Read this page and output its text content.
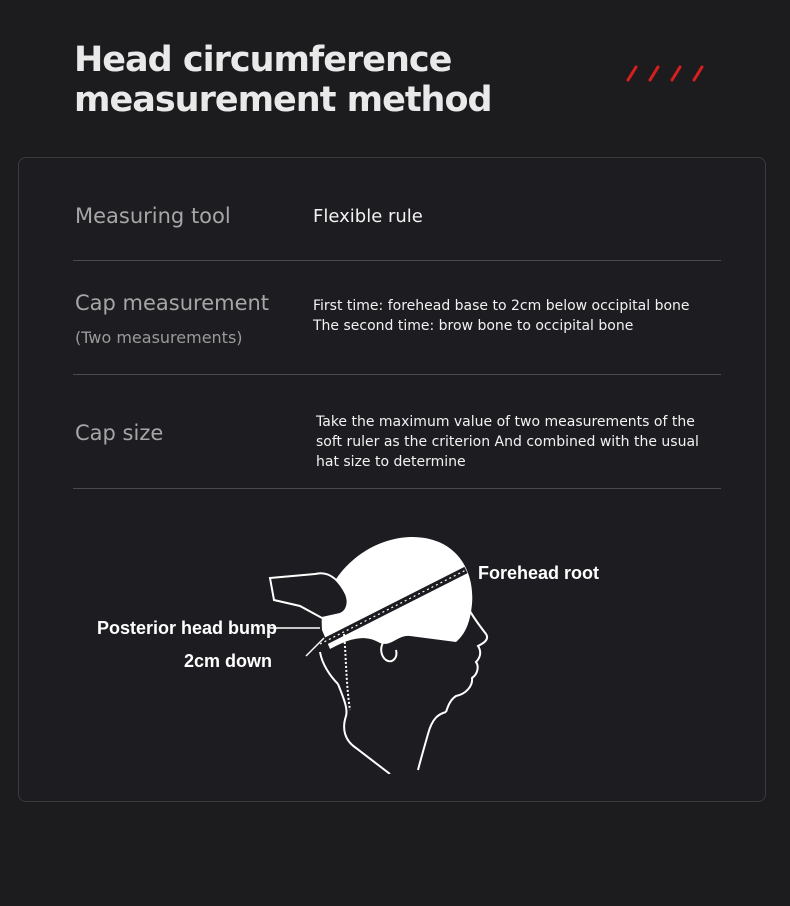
Head circumference
measurement method
Measuring tool	Flexible rule
Cap measurement
(Two measurements)
First time: forehead base to 2cm below occipital bone
The second time: brow bone to occipital bone
Cap size	Take the maximum value of two measurements of the
soft ruler as the criterion And combined with the usual
hat size to determine
Forehead root
Posterior head bump
2cm down
